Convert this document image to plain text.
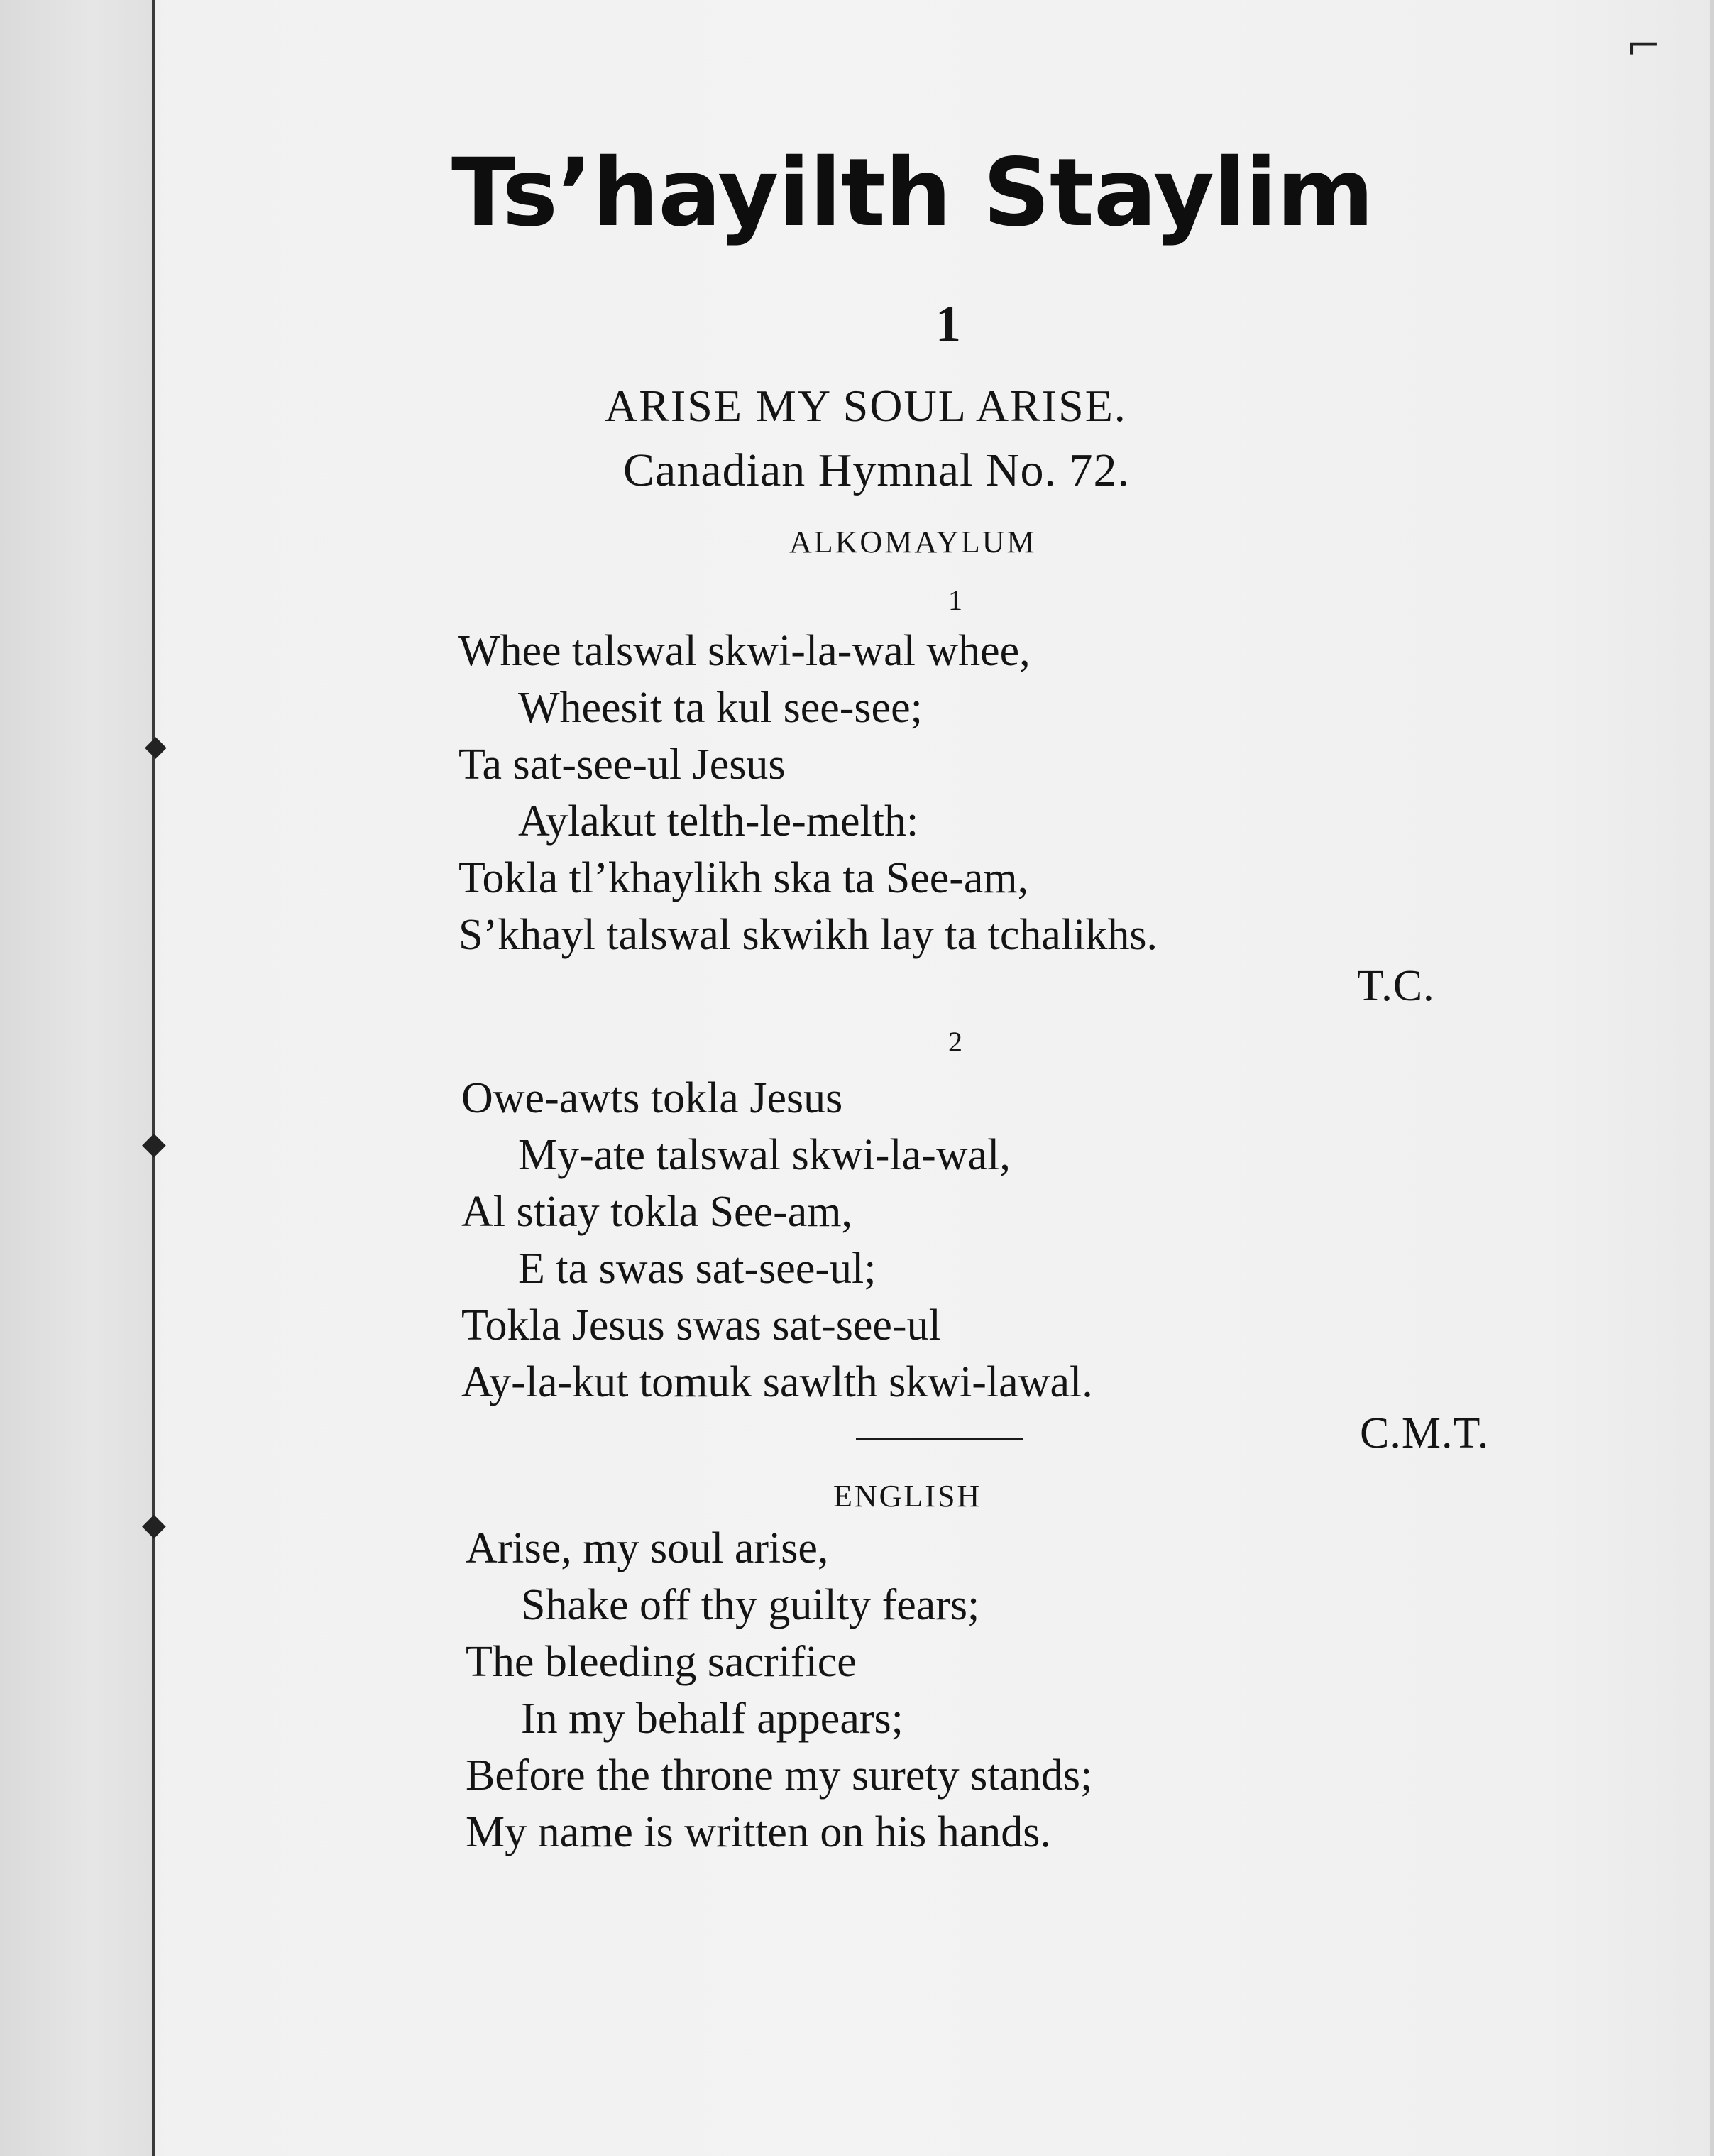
◆
◆
◆
⌐
Ts’hayilth Staylim
1
ARISE MY SOUL ARISE.
Canadian Hymnal No. 72.
ALKOMAYLUM
1
Whee talswal skwi-la-wal whee,
Wheesit ta kul see-see;
Ta sat-see-ul Jesus
Aylakut telth-le-melth:
Tokla tl’khaylikh ska ta See-am,
S’khayl talswal skwikh lay ta tchalikhs.
T.C.
2
Owe-awts tokla Jesus
My-ate talswal skwi-la-wal,
Al stiay tokla See-am,
E ta swas sat-see-ul;
Tokla Jesus swas sat-see-ul
Ay-la-kut tomuk sawlth skwi-lawal.
C.M.T.
ENGLISH
Arise, my soul arise,
Shake off thy guilty fears;
The bleeding sacrifice
In my behalf appears;
Before the throne my surety stands;
My name is written on his hands.
